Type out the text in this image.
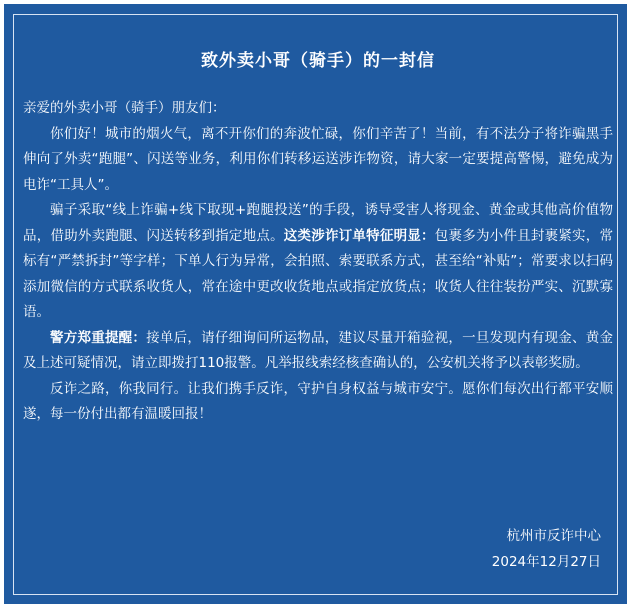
致外卖小哥（骑手）的一封信

亲爱的外卖小哥（骑手）朋友们：

你们好！城市的烟火气，离不开你们的奔波忙碌，你们辛苦了！当前，有不法分子将诈骗黑手伸向了外卖“跑腿”、闪送等业务，利用你们转移运送涉诈物资，请大家一定要提高警惕，避免成为电诈“工具人”。

骗子采取“线上诈骗+线下取现+跑腿投送”的手段，诱导受害人将现金、黄金或其他高价值物品，借助外卖跑腿、闪送转移到指定地点。这类涉诈订单特征明显：包裹多为小件且封裹紧实，常标有“严禁拆封”等字样；下单人行为异常，会拍照、索要联系方式，甚至给“补贴”；常要求以扫码添加微信的方式联系收货人，常在途中更改收货地点或指定放货点；收货人往往装扮严实、沉默寡语。

警方郑重提醒：接单后，请仔细询问所运物品，建议尽量开箱验视，一旦发现内有现金、黄金及上述可疑情况，请立即拨打110报警。凡举报线索经核查确认的，公安机关将予以表彰奖励。

反诈之路，你我同行。让我们携手反诈，守护自身权益与城市安宁。愿你们每次出行都平安顺遂，每一份付出都有温暖回报！

杭州市反诈中心
2024年12月27日
